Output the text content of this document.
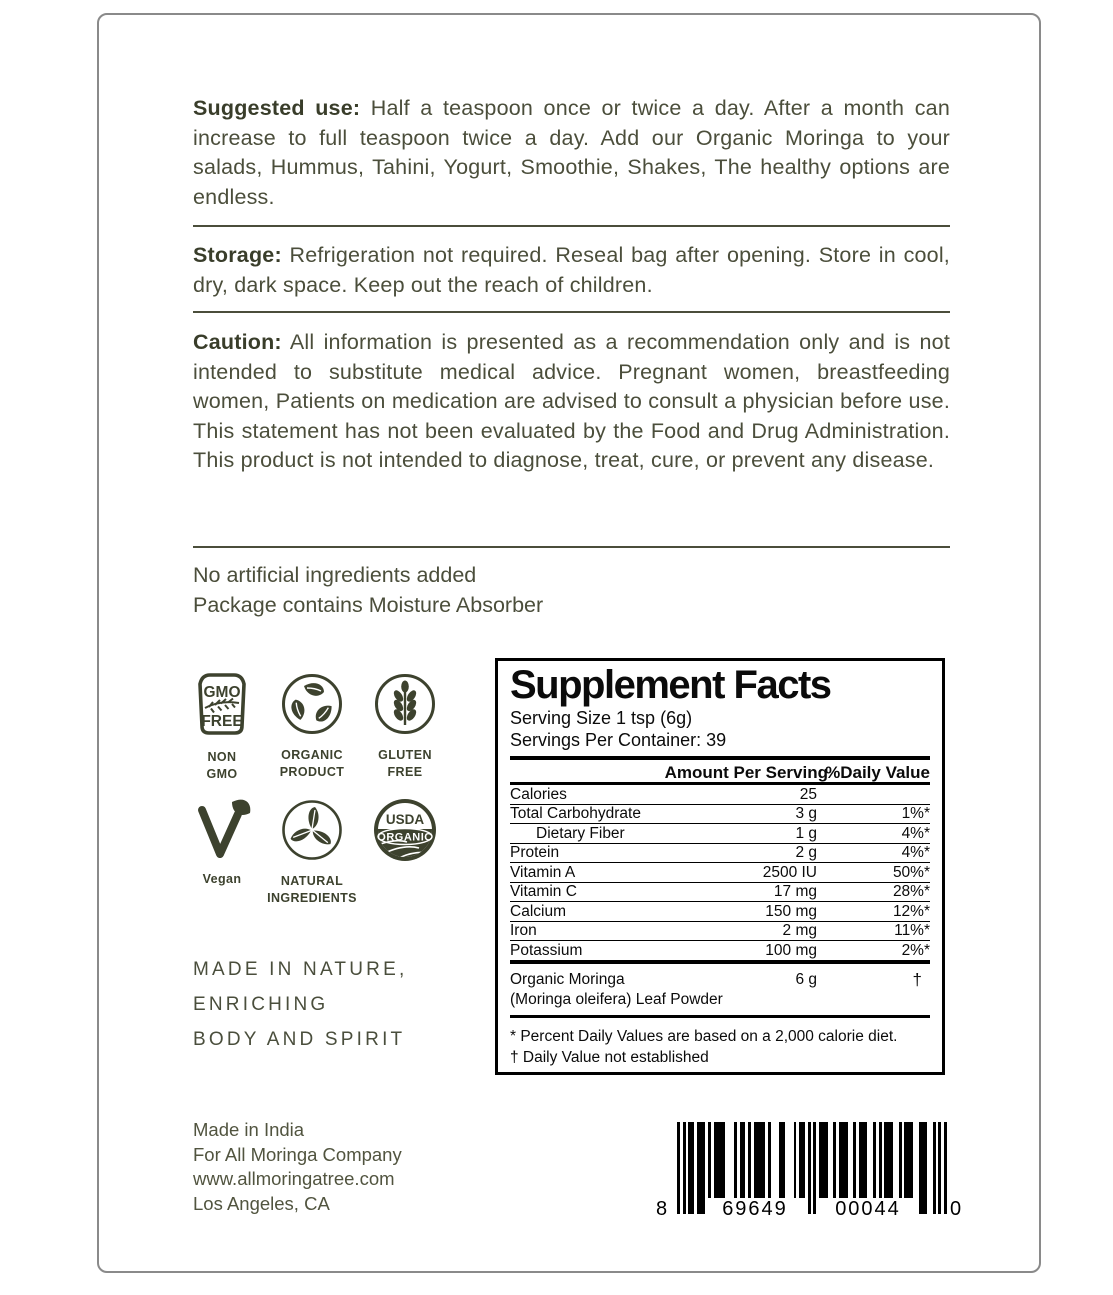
Suggested use: Half a teaspoon once or twice a day. After a month can increase to full teaspoon twice a day. Add our Organic Moringa to your salads, Hummus, Tahini, Yogurt, Smoothie, Shakes, The healthy options are endless.

Storage: Refrigeration not required. Reseal bag after opening. Store in cool, dry, dark space. Keep out the reach of children.

Caution: All information is presented as a recommendation only and is not intended to substitute medical advice. Pregnant women, breastfeeding women, Patients on medication are advised to consult a physician before use. This statement has not been evaluated by the Food and Drug Administration. This product is not intended to diagnose, treat, cure, or prevent any disease.

No artificial ingredients added
Package contains Moisture Absorber
GMO
FREE
NON
GMO
ORGANIC
PRODUCT
GLUTEN
FREE
Vegan	NATURAL
INGREDIENTS
USDA
ORGANIC
MADE IN NATURE,
ENRICHING
BODY AND SPIRIT
Supplement Facts
Serving Size 1 tsp (6g)
Servings Per Container: 39
Amount Per Serving
%Daily Value
Calories	25
Total Carbohydrate	3 g	1%*
Dietary Fiber	1 g	4%*
Protein	2 g	4%*
Vitamin A	2500 IU	50%*
Vitamin C	17 mg	28%*
Calcium	150 mg	12%*
Iron	2 mg	11%*
Potassium	100 mg	2%*
Organic Moringa
(Moringa oleifera) Leaf Powder
6 g	†
* Percent Daily Values are based on a 2,000 calorie diet.
† Daily Value not established
Made in India
For All Moringa Company
www.allmoringatree.com
Los Angeles, CA	8	69649	00044	0
